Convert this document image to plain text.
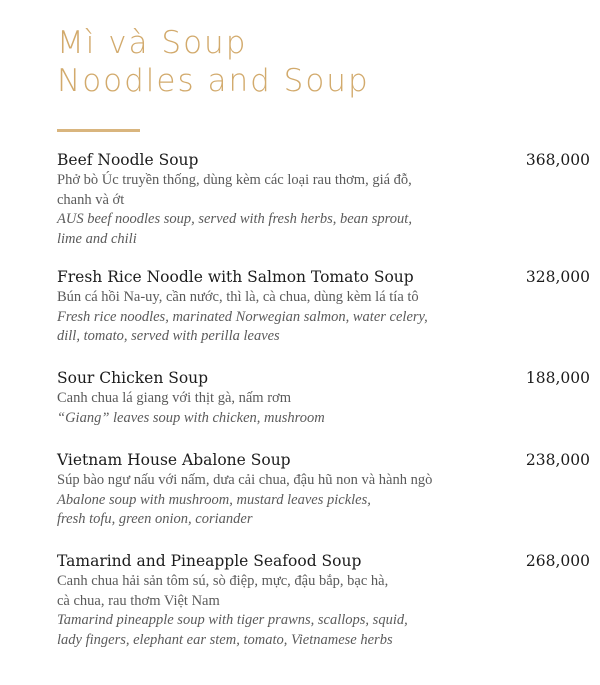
Mì và Soup
Noodles and Soup
Beef Noodle Soup	368,000
Phở bò Úc truyền thống, dùng kèm các loại rau thơm, giá đỗ,
chanh và ớt
AUS beef noodles soup, served with fresh herbs, bean sprout,
lime and chili
Fresh Rice Noodle with Salmon Tomato Soup	328,000
Bún cá hồi Na-uy, cần nước, thì là, cà chua, dùng kèm lá tía tô
Fresh rice noodles, marinated Norwegian salmon, water celery,
dill, tomato, served with perilla leaves
Sour Chicken Soup	188,000
Canh chua lá giang với thịt gà, nấm rơm
“Giang” leaves soup with chicken, mushroom
Vietnam House Abalone Soup	238,000
Súp bào ngư nấu với nấm, dưa cải chua, đậu hũ non và hành ngò
Abalone soup with mushroom, mustard leaves pickles,
fresh tofu, green onion, coriander
Tamarind and Pineapple Seafood Soup	268,000
Canh chua hải sản tôm sú, sò điệp, mực, đậu bắp, bạc hà,
cà chua, rau thơm Việt Nam
Tamarind pineapple soup with tiger prawns, scallops, squid,
lady fingers, elephant ear stem, tomato, Vietnamese herbs
